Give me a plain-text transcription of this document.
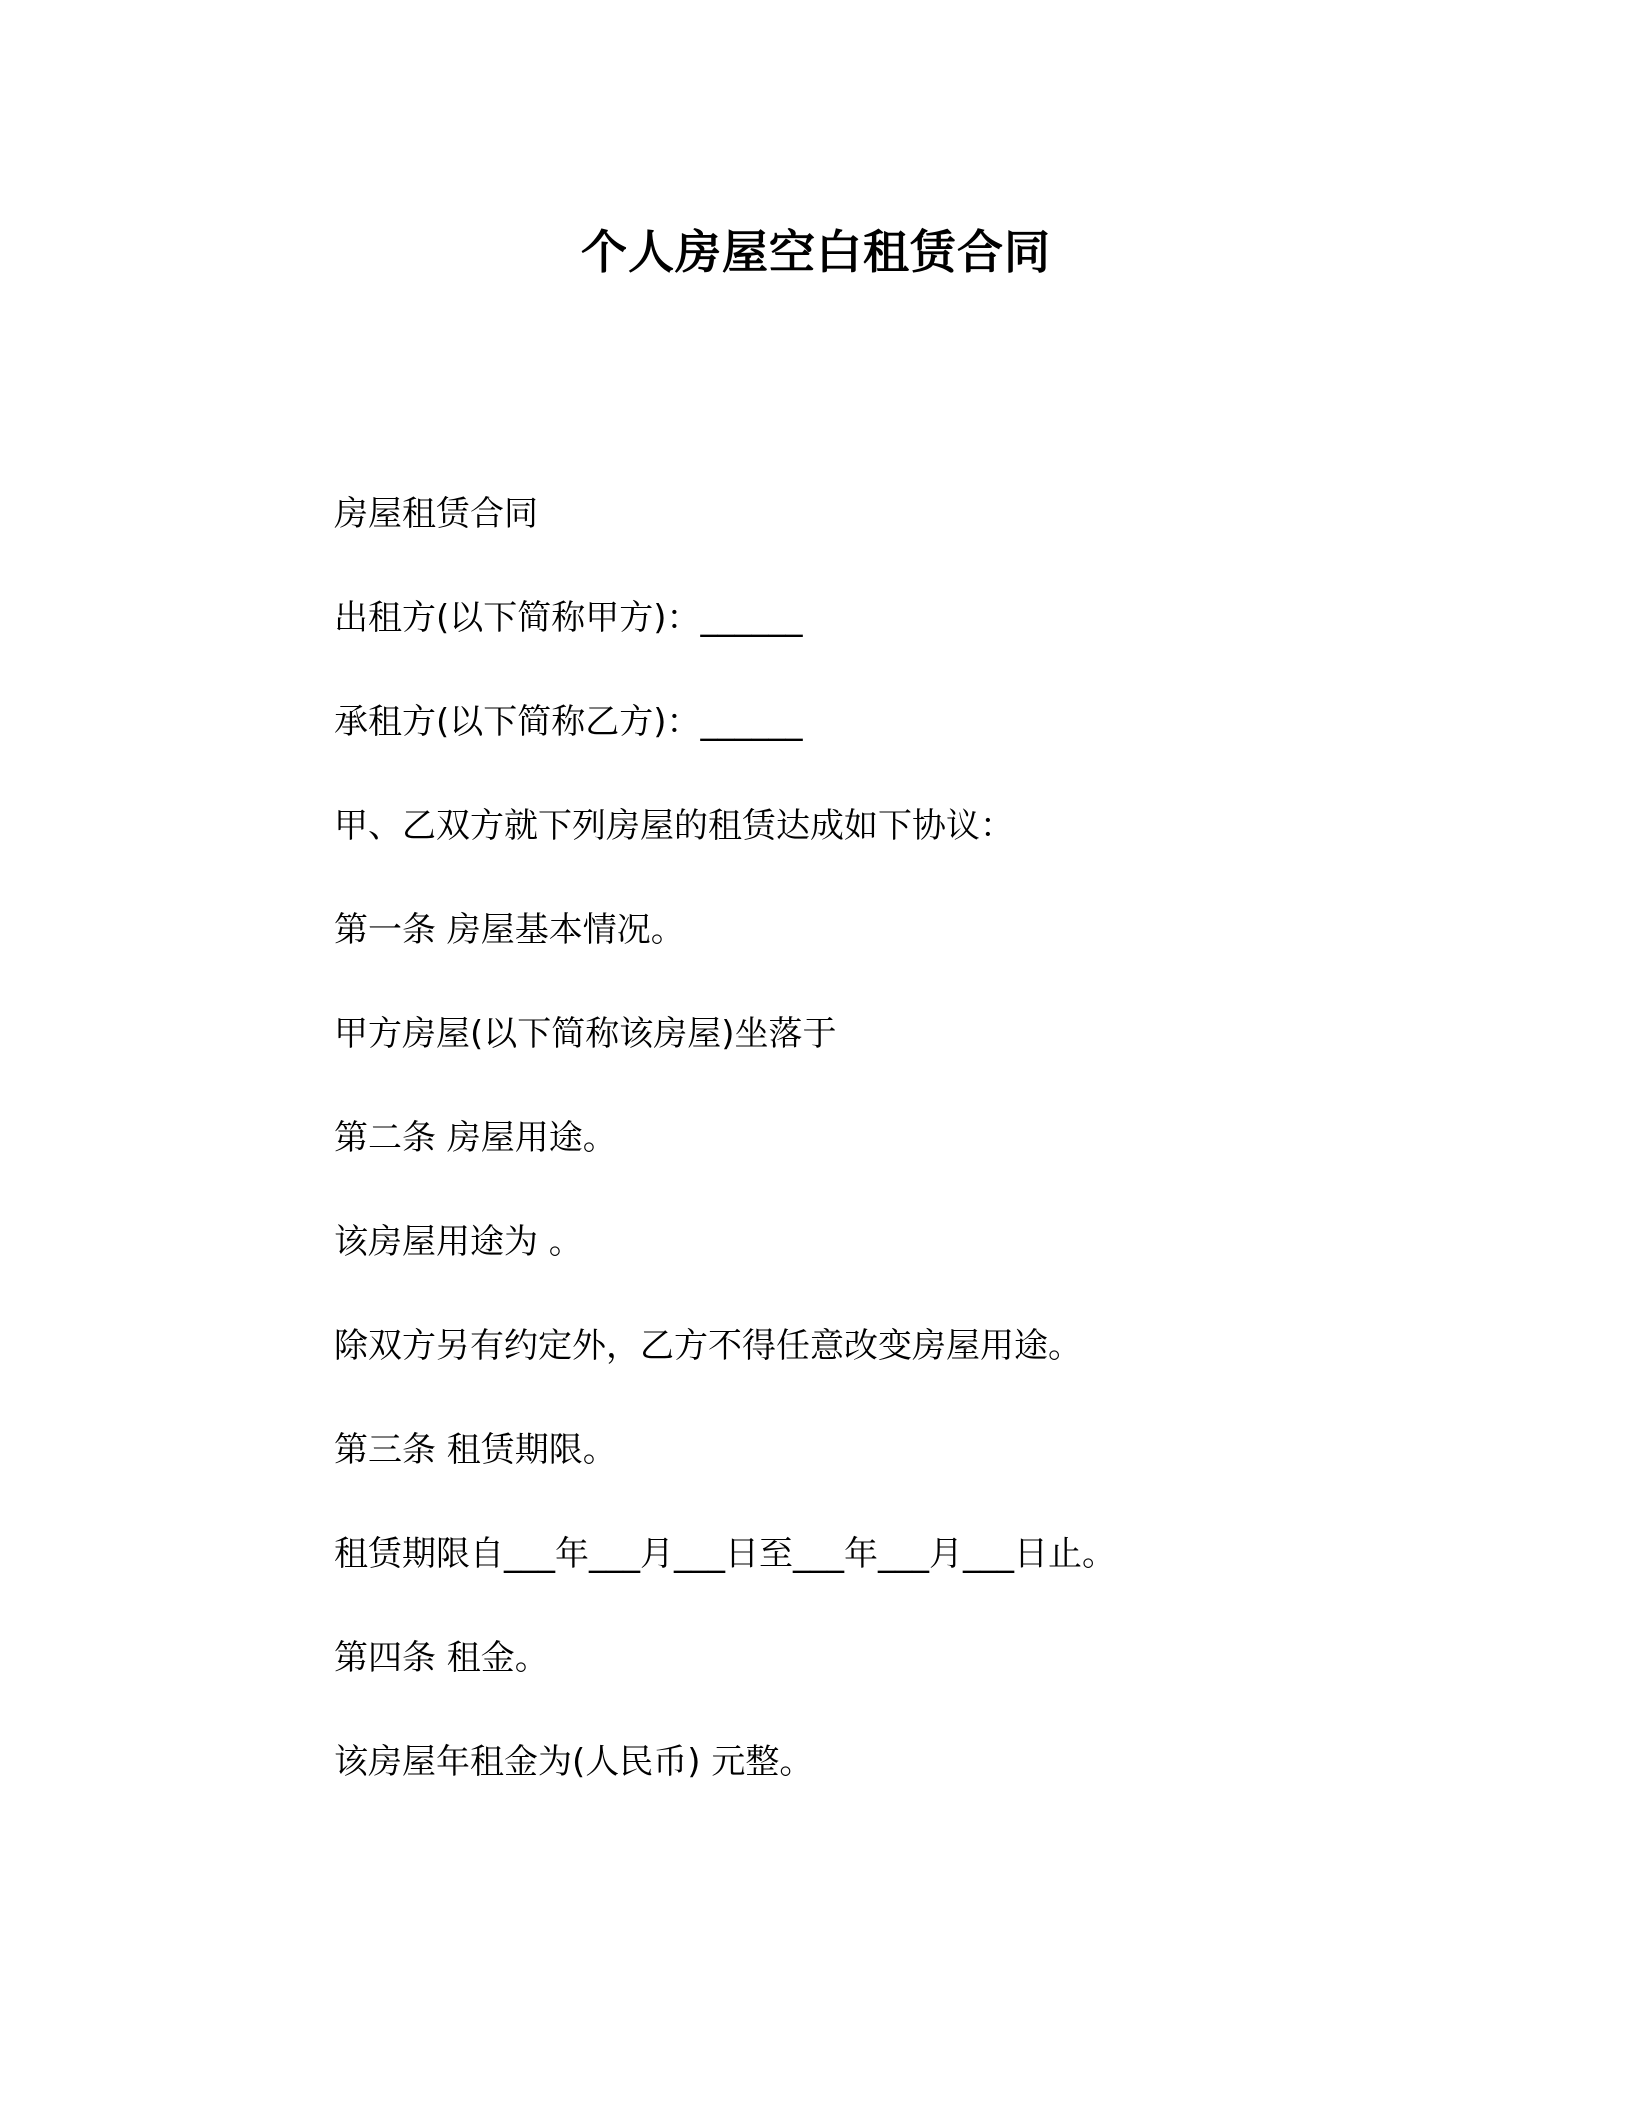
个人房屋空白租赁合同

房屋租赁合同

出租方(以下简称甲方)：______

承租方(以下简称乙方)：______

甲、乙双方就下列房屋的租赁达成如下协议：

第一条 房屋基本情况。

甲方房屋(以下简称该房屋)坐落于

第二条 房屋用途。

该房屋用途为 。

除双方另有约定外，乙方不得任意改变房屋用途。

第三条 租赁期限。

租赁期限自___年___月___日至___年___月___日止。

第四条 租金。

该房屋年租金为(人民币) 元整。
